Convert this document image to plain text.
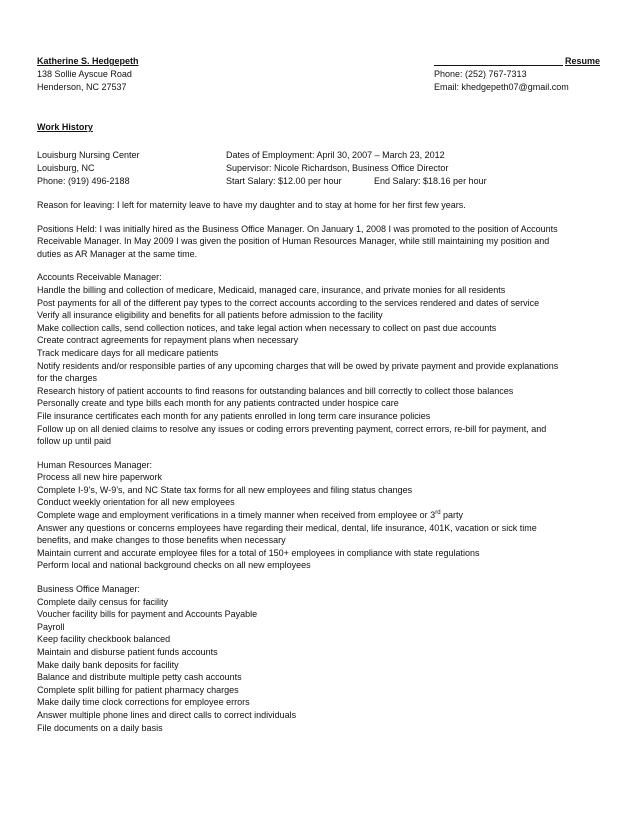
Katherine S. Hedgepeth	Resume
138 Sollie Ayscue Road	Phone: (252) 767-7313
Henderson, NC 27537	Email: khedgepeth07@gmail.com
Work History
Louisburg Nursing Center	Dates of Employment: April 30, 2007 – March 23, 2012
Louisburg, NC	Supervisor: Nicole Richardson, Business Office Director
Phone: (919) 496-2188	Start Salary: $12.00 per hour	End Salary: $18.16 per hour
Reason for leaving: I left for maternity leave to have my daughter and to stay at home for her first few years.
Positions Held: I was initially hired as the Business Office Manager. On January 1, 2008 I was promoted to the position of Accounts
Receivable Manager. In May 2009 I was given the position of Human Resources Manager, while still maintaining my position and
duties as AR Manager at the same time.
Accounts Receivable Manager:
Handle the billing and collection of medicare, Medicaid, managed care, insurance, and private monies for all residents
Post payments for all of the different pay types to the correct accounts according to the services rendered and dates of service
Verify all insurance eligibility and benefits for all patients before admission to the facility
Make collection calls, send collection notices, and take legal action when necessary to collect on past due accounts
Create contract agreements for repayment plans when necessary
Track medicare days for all medicare patients
Notify residents and/or responsible parties of any upcoming charges that will be owed by private payment and provide explanations
for the charges
Research history of patient accounts to find reasons for outstanding balances and bill correctly to collect those balances
Personally create and type bills each month for any patients contracted under hospice care
File insurance certificates each month for any patients enrolled in long term care insurance policies
Follow up on all denied claims to resolve any issues or coding errors preventing payment, correct errors, re-bill for payment, and
follow up until paid
Human Resources Manager:
Process all new hire paperwork
Complete I-9’s, W-9’s, and NC State tax forms for all new employees and filing status changes
Conduct weekly orientation for all new employees
Complete wage and employment verifications in a timely manner when received from employee or 3rd party
Answer any questions or concerns employees have regarding their medical, dental, life insurance, 401K, vacation or sick time
benefits, and make changes to those benefits when necessary
Maintain current and accurate employee files for a total of 150+ employees in compliance with state regulations
Perform local and national background checks on all new employees
Business Office Manager:
Complete daily census for facility
Voucher facility bills for payment and Accounts Payable
Payroll
Keep facility checkbook balanced
Maintain and disburse patient funds accounts
Make daily bank deposits for facility
Balance and distribute multiple petty cash accounts
Complete split billing for patient pharmacy charges
Make daily time clock corrections for employee errors
Answer multiple phone lines and direct calls to correct individuals
File documents on a daily basis
